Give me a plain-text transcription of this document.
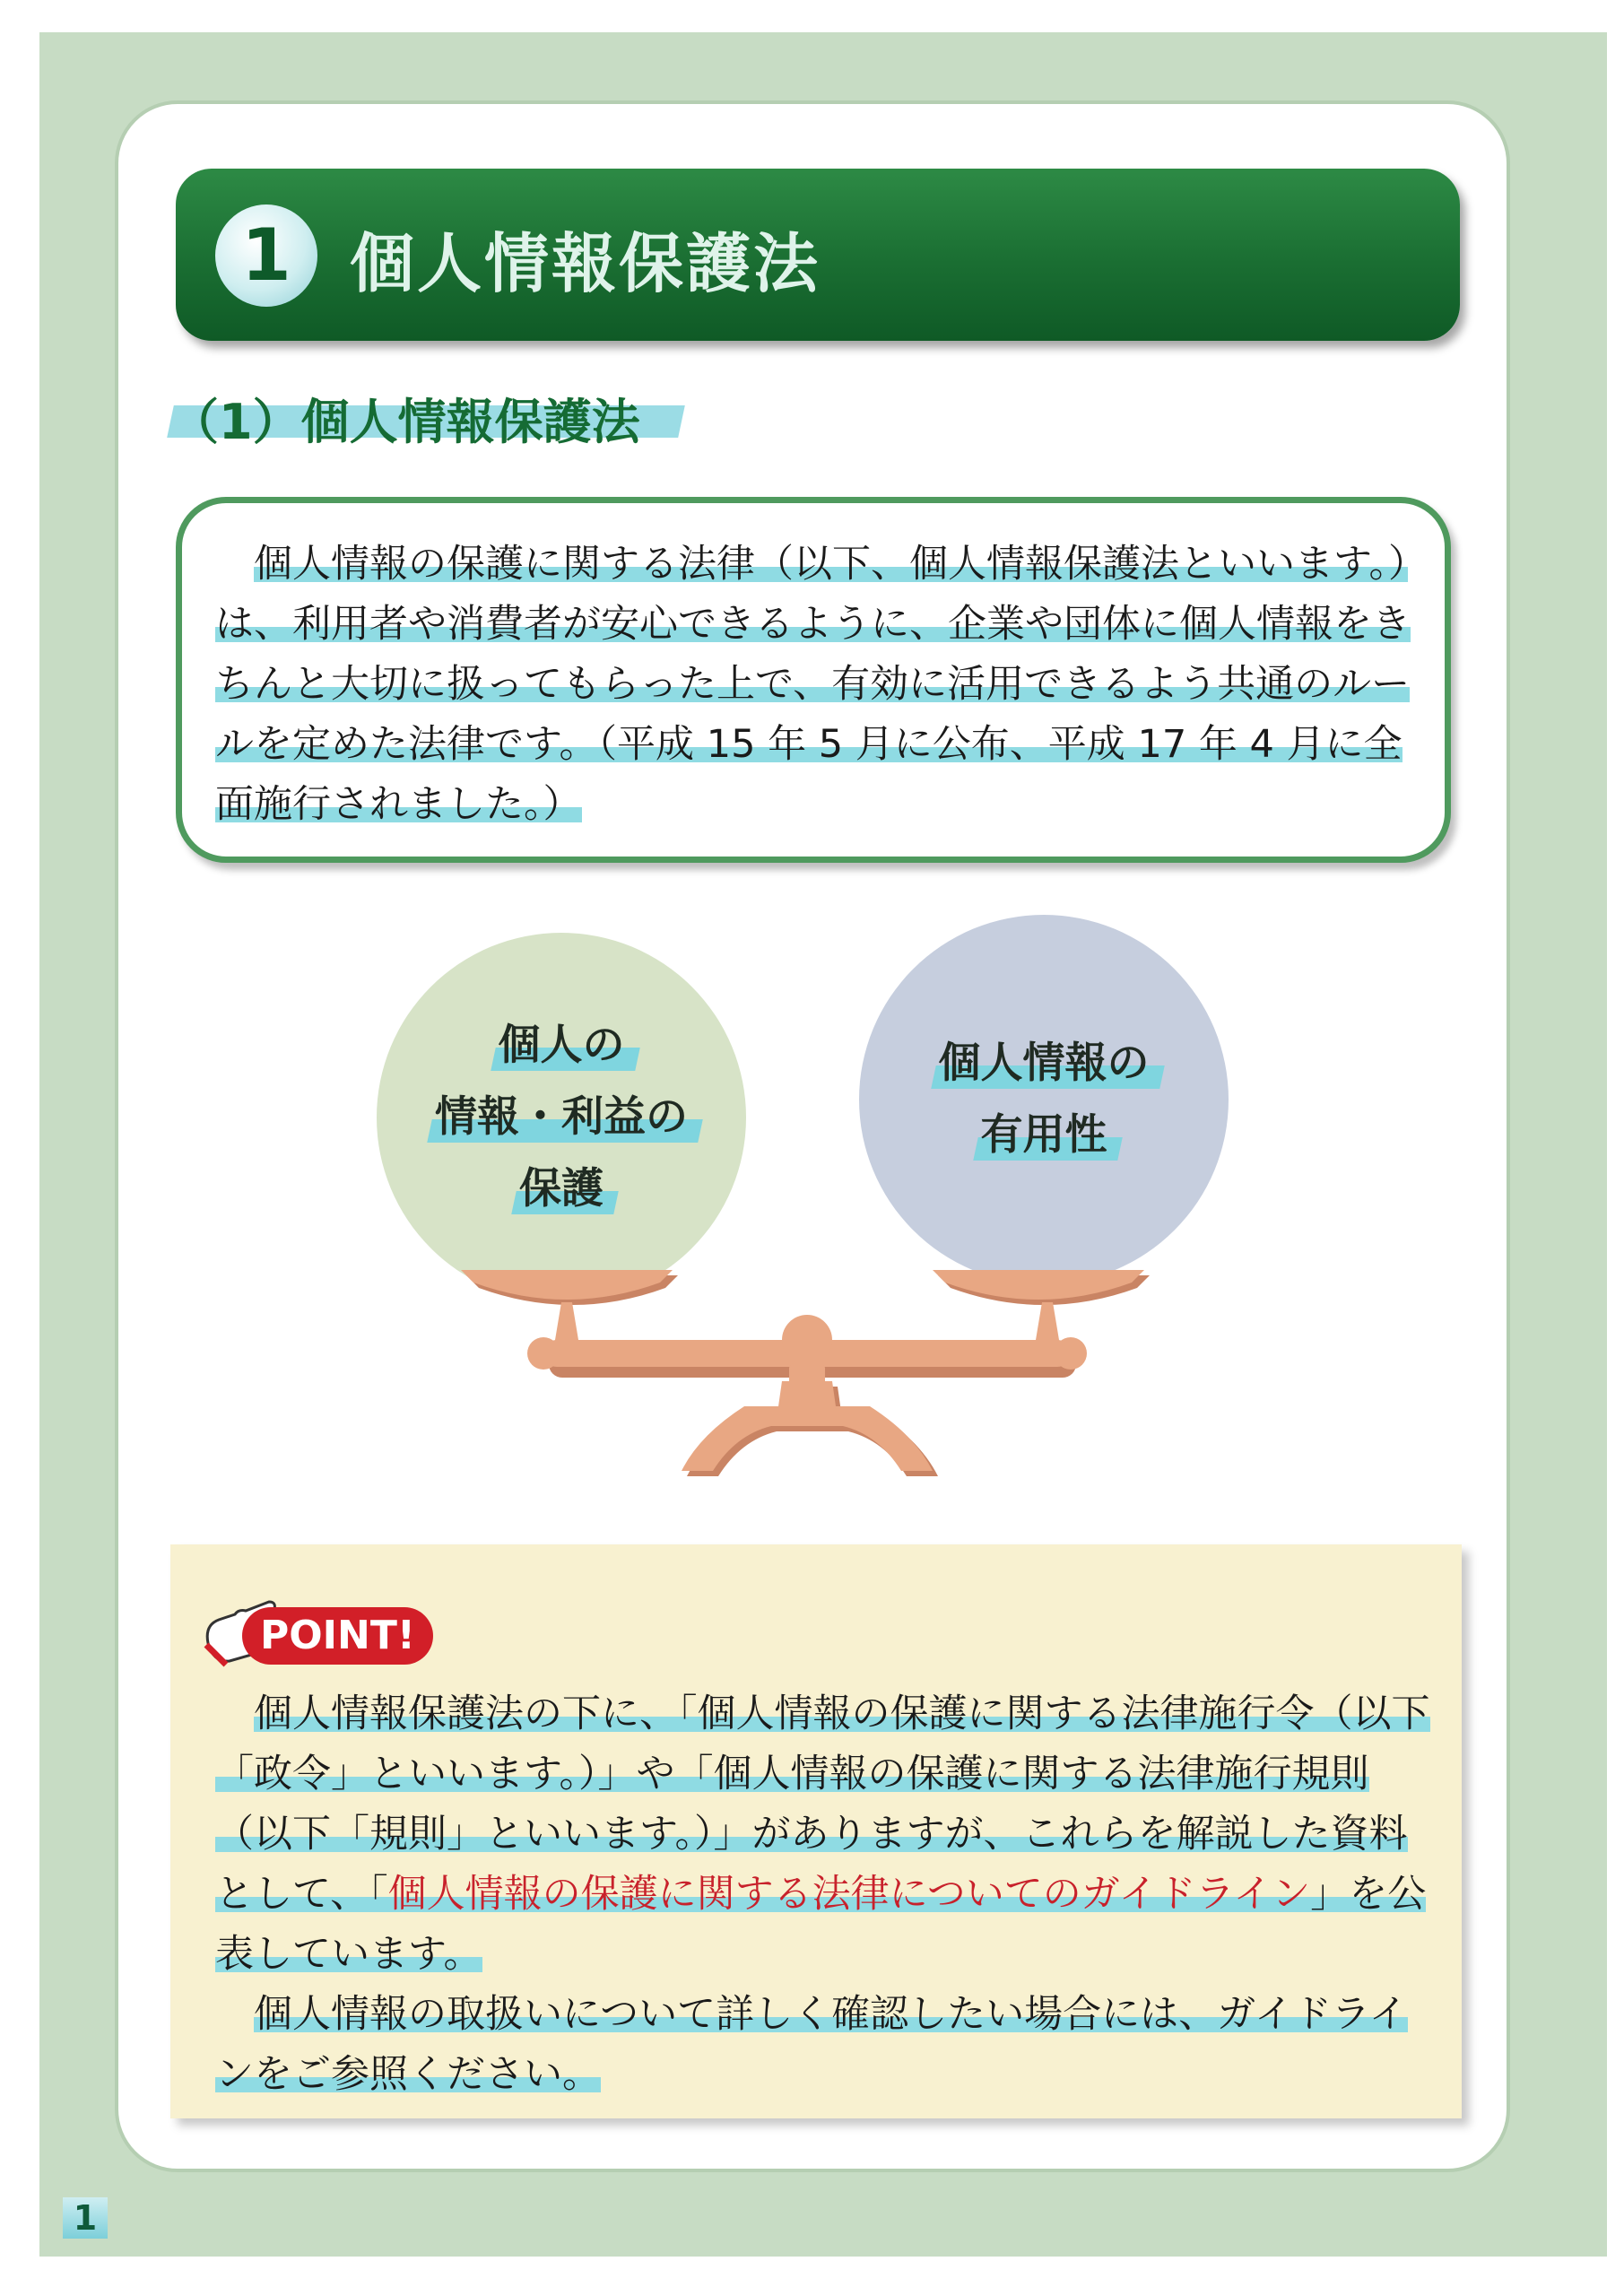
1 個人情報保護法
（1）個人情報保護法

個人情報の保護に関する法律（以下、個人情報保護法といいます。）は、利用者や消費者が安心できるように、企業や団体に個人情報をきちんと大切に扱ってもらった上で、有効に活用できるよう共通のルールを定めた法律です。（平成 15 年 5 月に公布、平成 17 年 4 月に全面施行されました。）

個人の
情報・利益の
保護
個人情報の
有用性
POINT!
個人情報保護法の下に、「個人情報の保護に関する法律施行令（以下「政令」といいます。）」や「個人情報の保護に関する法律施行規則（以下「規則」といいます。）」がありますが、これらを解説した資料として、「個人情報の保護に関する法律についてのガイドライン」を公表しています。
個人情報の取扱いについて詳しく確認したい場合には、ガイドラインをご参照ください。
1
